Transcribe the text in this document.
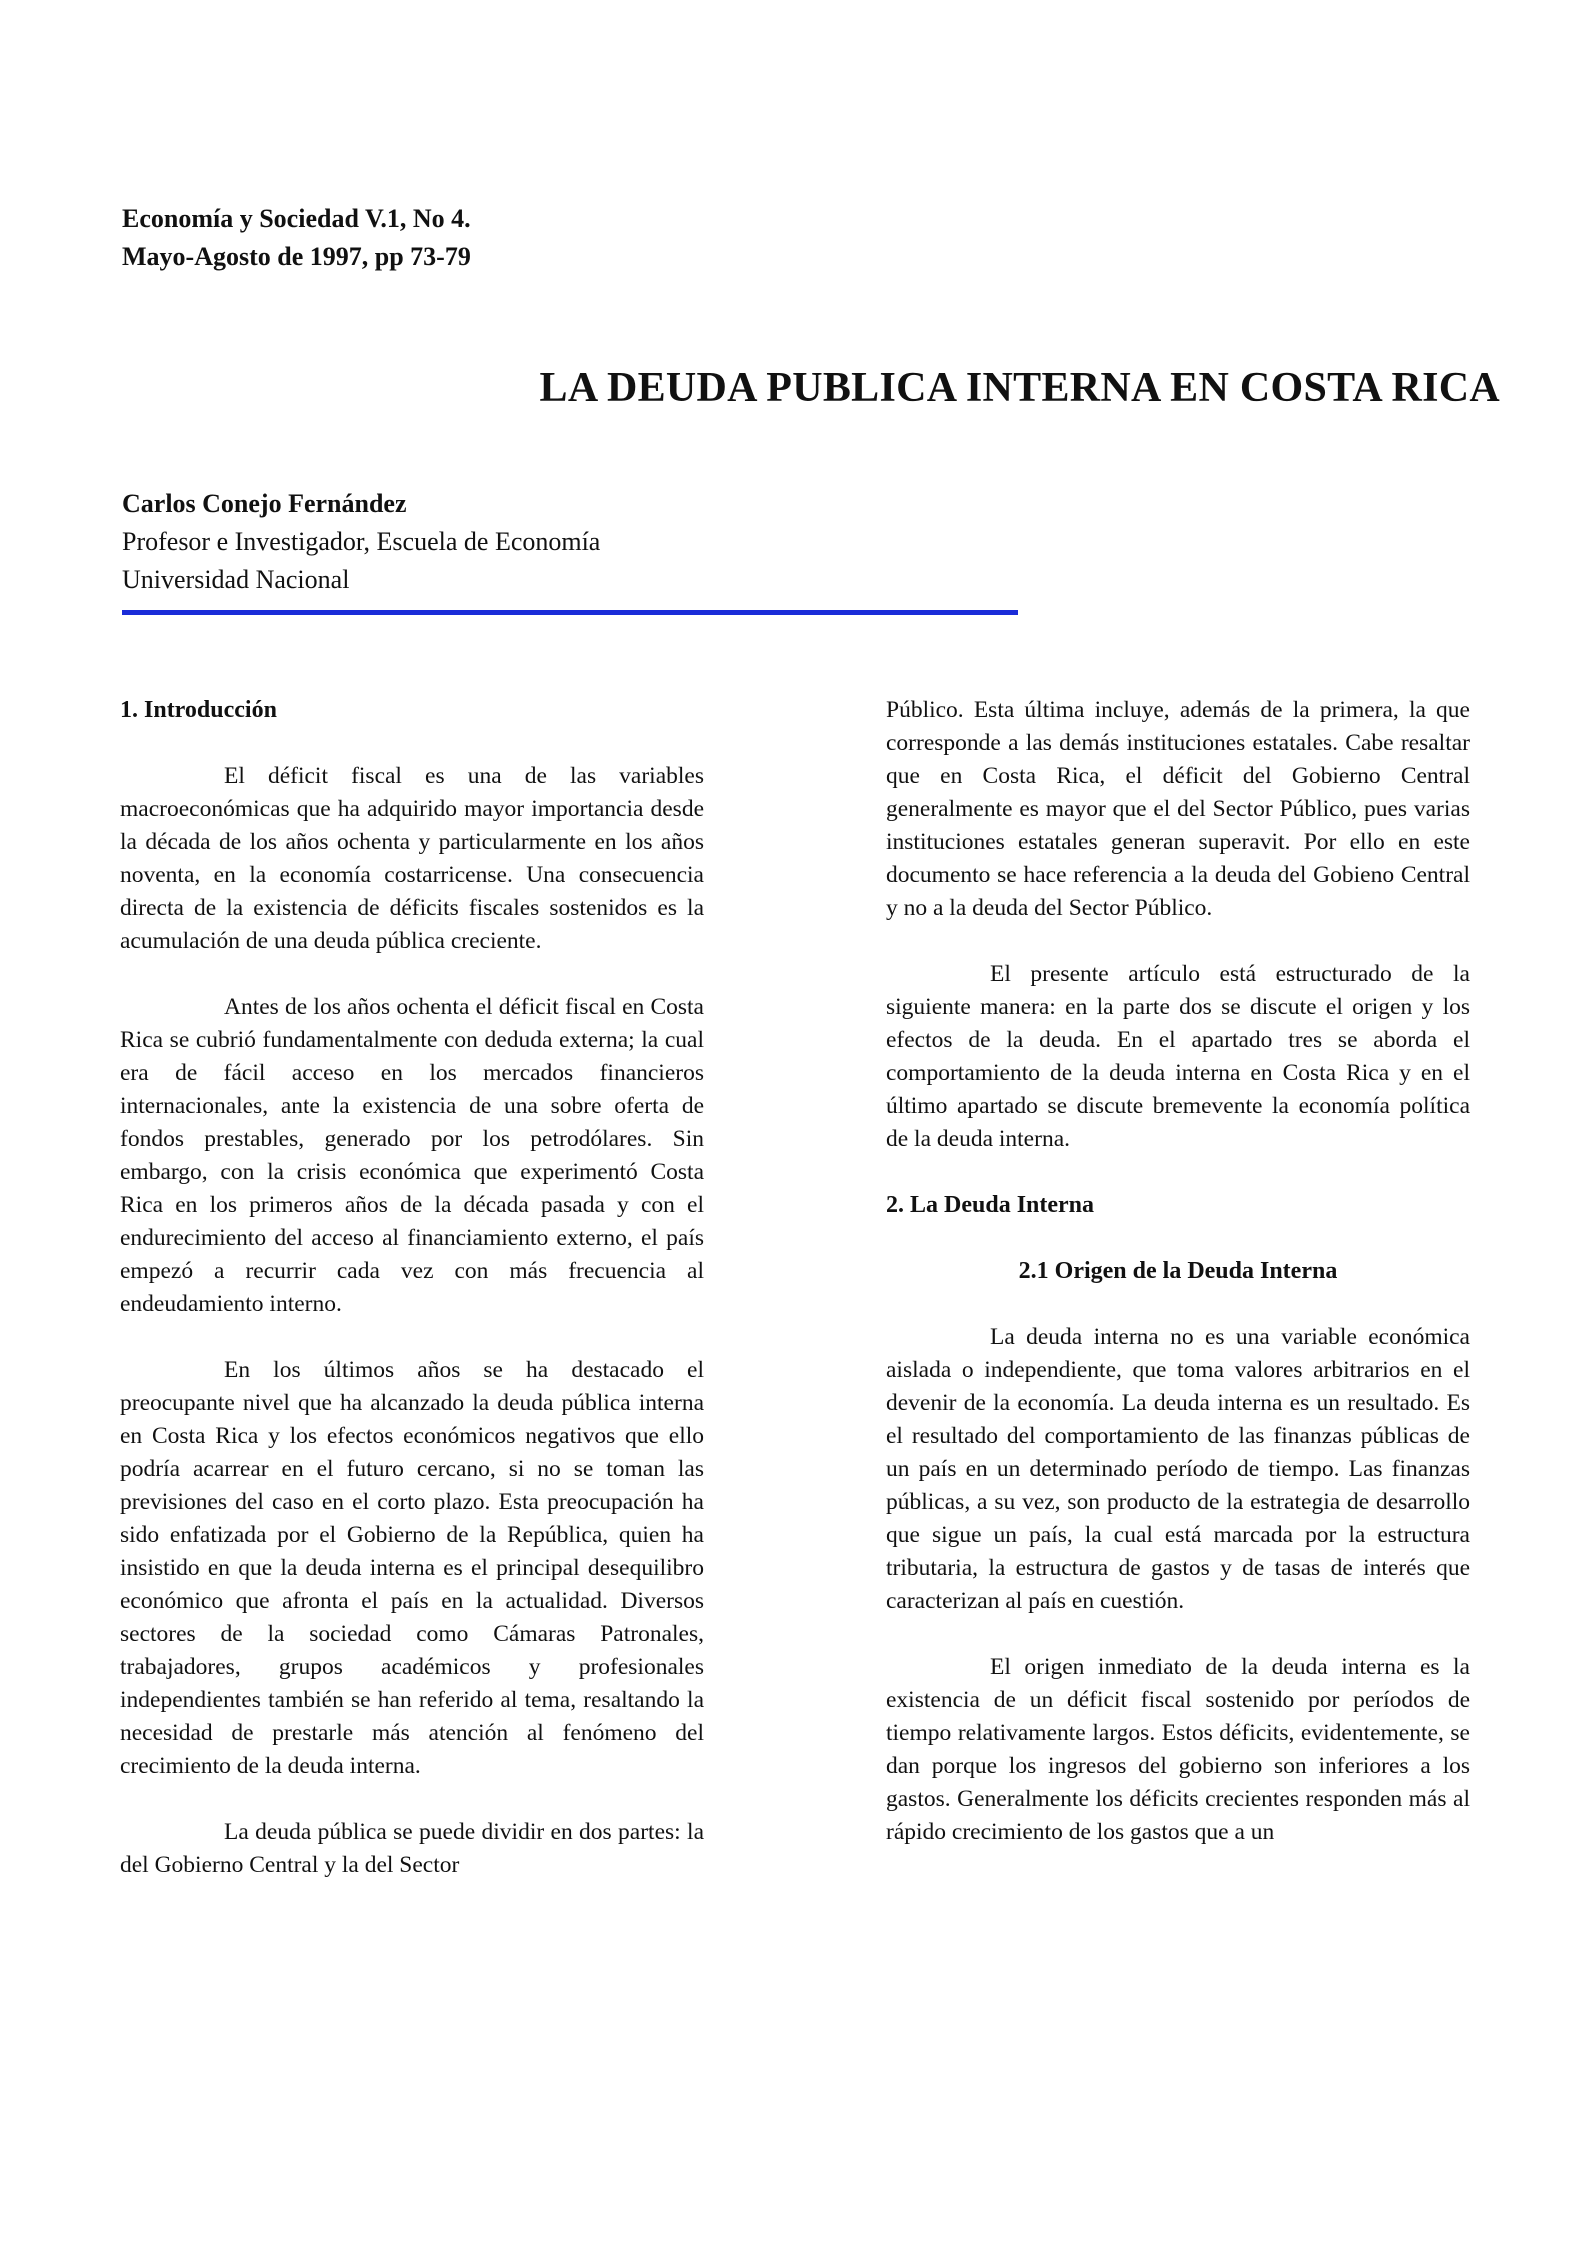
Economía y Sociedad V.1, No 4.
Mayo-Agosto de 1997, pp 73-79
LA DEUDA PUBLICA INTERNA EN COSTA RICA
Carlos Conejo Fernández
Profesor e Investigador, Escuela de Economía
Universidad Nacional
1. Introducción

El déficit fiscal es una de las variables macroeconómicas que ha adquirido mayor importancia desde la década de los años ochenta y particularmente en los años noventa, en la economía costarricense. Una consecuencia directa de la existencia de déficits fiscales sostenidos es la acumulación de una deuda pública creciente.

Antes de los años ochenta el déficit fiscal en Costa Rica se cubrió fundamentalmente con deduda externa; la cual era de fácil acceso en los mercados financieros internacionales, ante la existencia de una sobre oferta de fondos prestables, generado por los petrodólares. Sin embargo, con la crisis económica que experimentó Costa Rica en los primeros años de la década pasada y con el endurecimiento del acceso al financiamiento externo, el país empezó a recurrir cada vez con más frecuencia al endeudamiento interno.

En los últimos años se ha destacado el preocupante nivel que ha alcanzado la deuda pública interna en Costa Rica y los efectos económicos negativos que ello podría acarrear en el futuro cercano, si no se toman las previsiones del caso en el corto plazo. Esta preocupación ha sido enfatizada por el Gobierno de la República, quien ha insistido en que la deuda interna es el principal desequilibro económico que afronta el país en la actualidad. Diversos sectores de la sociedad como Cámaras Patronales, trabajadores, grupos académicos y profesionales independientes también se han referido al tema, resaltando la necesidad de prestarle más atención al fenómeno del crecimiento de la deuda interna.

La deuda pública se puede dividir en dos partes: la del Gobierno Central y la del Sector

Público. Esta última incluye, además de la primera, la que corresponde a las demás instituciones estatales. Cabe resaltar que en Costa Rica, el déficit del Gobierno Central generalmente es mayor que el del Sector Público, pues varias instituciones estatales generan superavit. Por ello en este documento se hace referencia a la deuda del Gobieno Central y no a la deuda del Sector Público.

El presente artículo está estructurado de la siguiente manera: en la parte dos se discute el origen y los efectos de la deuda. En el apartado tres se aborda el comportamiento de la deuda interna en Costa Rica y en el último apartado se discute bremevente la economía política de la deuda interna.

2. La Deuda Interna
2.1 Origen de la Deuda Interna

La deuda interna no es una variable económica aislada o independiente, que toma valores arbitrarios en el devenir de la economía. La deuda interna es un resultado. Es el resultado del comportamiento de las finanzas públicas de un país en un determinado período de tiempo. Las finanzas públicas, a su vez, son producto de la estrategia de desarrollo que sigue un país, la cual está marcada por la estructura tributaria, la estructura de gastos y de tasas de interés que caracterizan al país en cuestión.

El origen inmediato de la deuda interna es la existencia de un déficit fiscal sostenido por períodos de tiempo relativamente largos. Estos déficits, evidentemente, se dan porque los ingresos del gobierno son inferiores a los gastos. Generalmente los déficits crecientes responden más al rápido crecimiento de los gastos que a un
